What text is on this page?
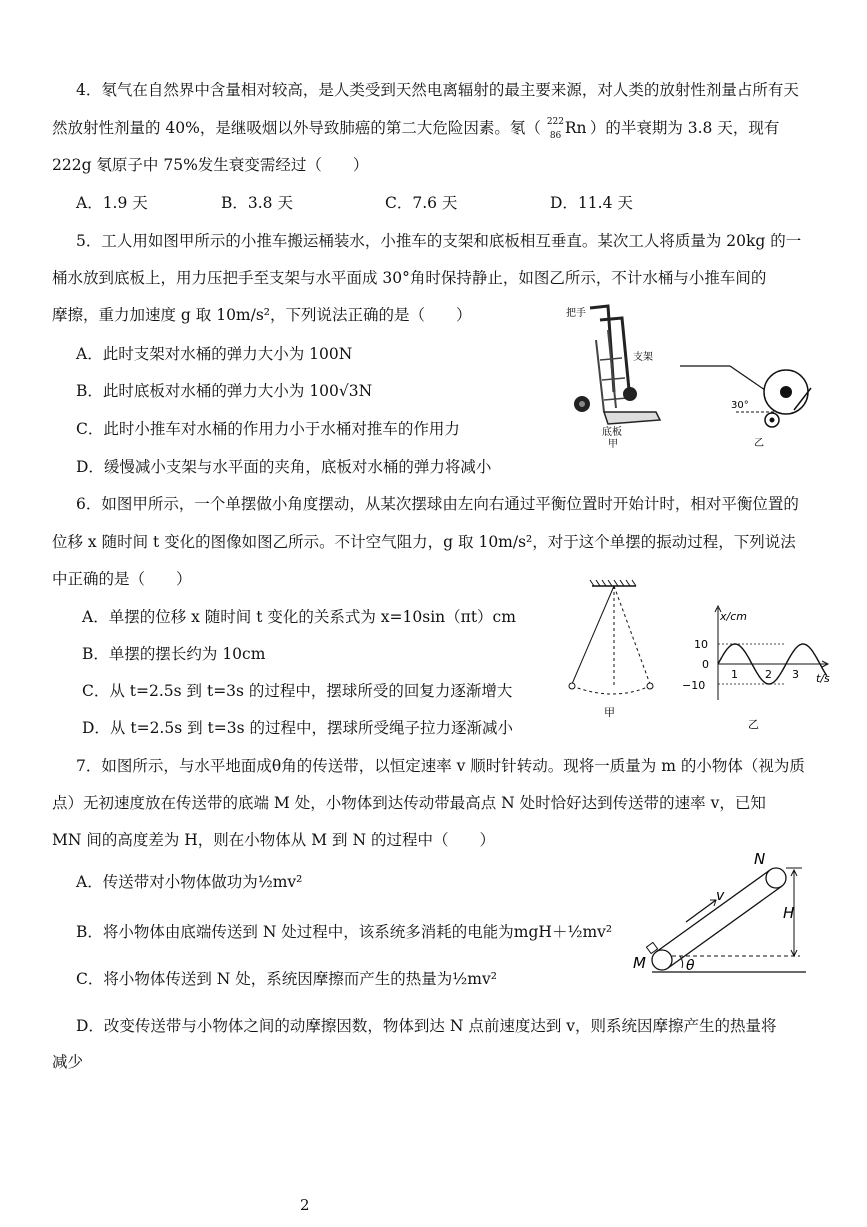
4．氡气在自然界中含量相对较高，是人类受到天然电离辐射的最主要来源，对人类的放射性剂量占所有天
然放射性剂量的 40%，是继吸烟以外导致肺癌的第二大危险因素。氡（ 222
86 Rn ）的半衰期为 3.8 天，现有
222g 氡原子中 75%发生衰变需经过（　　）
A．1.9 天	B．3.8 天	C．7.6 天	D．11.4 天
5．工人用如图甲所示的小推车搬运桶装水，小推车的支架和底板相互垂直。某次工人将质量为 20kg 的一
桶水放到底板上，用力压把手至支架与水平面成 30°角时保持静止，如图乙所示，不计水桶与小推车间的
摩擦，重力加速度 g 取 10m/s²，下列说法正确的是（　　）
A．此时支架对水桶的弹力大小为 100N
B．此时底板对水桶的弹力大小为 100√3N
C．此时小推车对水桶的作用力小于水桶对推车的作用力
D．缓慢减小支架与水平面的夹角，底板对水桶的弹力将减小
把手
支架
底板
甲
30°
乙
6．如图甲所示，一个单摆做小角度摆动，从某次摆球由左向右通过平衡位置时开始计时，相对平衡位置的
位移 x 随时间 t 变化的图像如图乙所示。不计空气阻力，g 取 10m/s²，对于这个单摆的振动过程，下列说法
中正确的是（　　）
A．单摆的位移 x 随时间 t 变化的关系式为 x=10sin（πt）cm
B．单摆的摆长约为 10cm
C．从 t=2.5s 到 t=3s 的过程中，摆球所受的回复力逐渐增大
D．从 t=2.5s 到 t=3s 的过程中，摆球所受绳子拉力逐渐减小
甲
x/cm
t/s
10
0
−10
1 2 3
乙
7．如图所示，与水平地面成θ角的传送带，以恒定速率 v 顺时针转动。现将一质量为 m 的小物体（视为质
点）无初速度放在传送带的底端 M 处，小物体到达传动带最高点 N 处时恰好达到传送带的速率 v，已知
MN 间的高度差为 H，则在小物体从 M 到 N 的过程中（　　）
A．传送带对小物体做功为½mv²
B．将小物体由底端传送到 N 处过程中，该系统多消耗的电能为mgH＋½mv²
C．将小物体传送到 N 处，系统因摩擦而产生的热量为½mv²
D．改变传送带与小物体之间的动摩擦因数，物体到达 N 点前速度达到 v，则系统因摩擦产生的热量将
减少
N
v
H
M	θ
2
